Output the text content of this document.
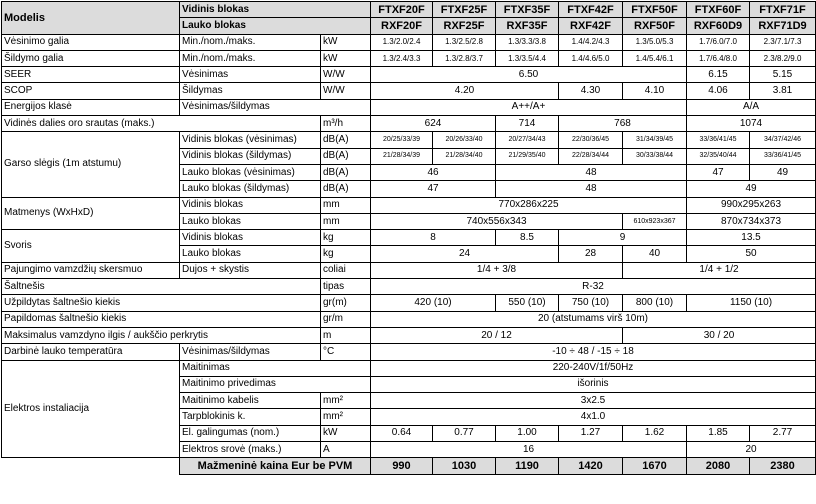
Modelis	Vidinis blokas		FTXF20F	FTXF25F	FTXF35F	FTXF42F	FTXF50F	FTXF60F	FTXF71F	
	Lauko blokas		RXF20F	RXF25F	RXF35F	RXF42F	RXF50F	RXF60D9	RXF71D9	
Vėsinimo galia	Min./nom./maks.	kW	1.3/2.0/2.4	1.3/2.5/2.8	1.3/3.3/3.8	1.4/4.2/4.3	1.3/5.0/5.3	1.7/6.0/7.0	2.3/7.1/7.3	
Šildymo galia	Min./nom./maks.	kW	1.3/2.4/3.3	1.3/2.8/3.7	1.3/3.5/4.4	1.4/4.6/5.0	1.4/5.4/6.1	1.7/6.4/8.0	2.3/8.2/9.0	
SEER	Vėsinimas	W/W	6.50					6.15	5.15	
SCOP	Šildymas	W/W	4.20			4.30	4.10	4.06	3.81	
Energijos klasė	Vėsinimas/šildymas		A++/A+					A/A		
Vidinės dalies oro srautas (maks.)		m³/h	624		714	768		1074		
Garso slėgis (1m atstumu)	Vidinis blokas (vėsinimas)	dB(A)	20/25/33/39	20/26/33/40	20/27/34/43	22/30/36/45	31/34/39/45	33/36/41/45	34/37/42/46	
	Vidinis blokas (šildymas)	dB(A)	21/28/34/39	21/28/34/40	21/29/35/40	22/28/34/44	30/33/38/44	32/35/40/44	33/36/41/45	
	Lauko blokas (vėsinimas)	dB(A)	46		48			47	49	
	Lauko blokas (šildymas)	dB(A)	47		48			49	
Matmenys (WxHxD)	Vidinis blokas	mm	770x286x225					990x295x263		
	Lauko blokas	mm	740x556x343				610x923x367	870x734x373		
Svoris	Vidinis blokas	kg	8		8.5	9		13.5		
	Lauko blokas	kg	24			28	40	50		
Pajungimo vamzdžių skersmuo	Dujos + skystis	coliai	1/4 + 3/8				1/4 + 1/2			
Šaltnešis		tipas	R-32							
Užpildytas šaltnešio kiekis		gr(m)	420 (10)		550 (10)	750 (10)	800 (10)	1150 (10)		
Papildomas šaltnešio kiekis		gr/m	20 (atstumams virš 10m)							
Maksimalus vamzdyno ilgis / aukščio perkrytis		m	20 / 12				30 / 20			
Darbinė lauko temperatūra	Vėsinimas/šildymas	°C	-10 ÷ 48 / -15 ÷ 18							
Elektros instaliacija	Maitinimas		220-240V/1f/50Hz							
	Maitinimo privedimas		išorinis							
	Maitinimo kabelis	mm²	3x2.5							
	Tarpblokinis k.	mm²	4x1.0							
	El. galingumas (nom.)	kW	0.64	0.77	1.00	1.27	1.62	1.85	2.77	
	Elektros srovė (maks.)	A	16					20		
	Mažmeninė kaina Eur be PVM		990	1030	1190	1420	1670	2080	2380	
